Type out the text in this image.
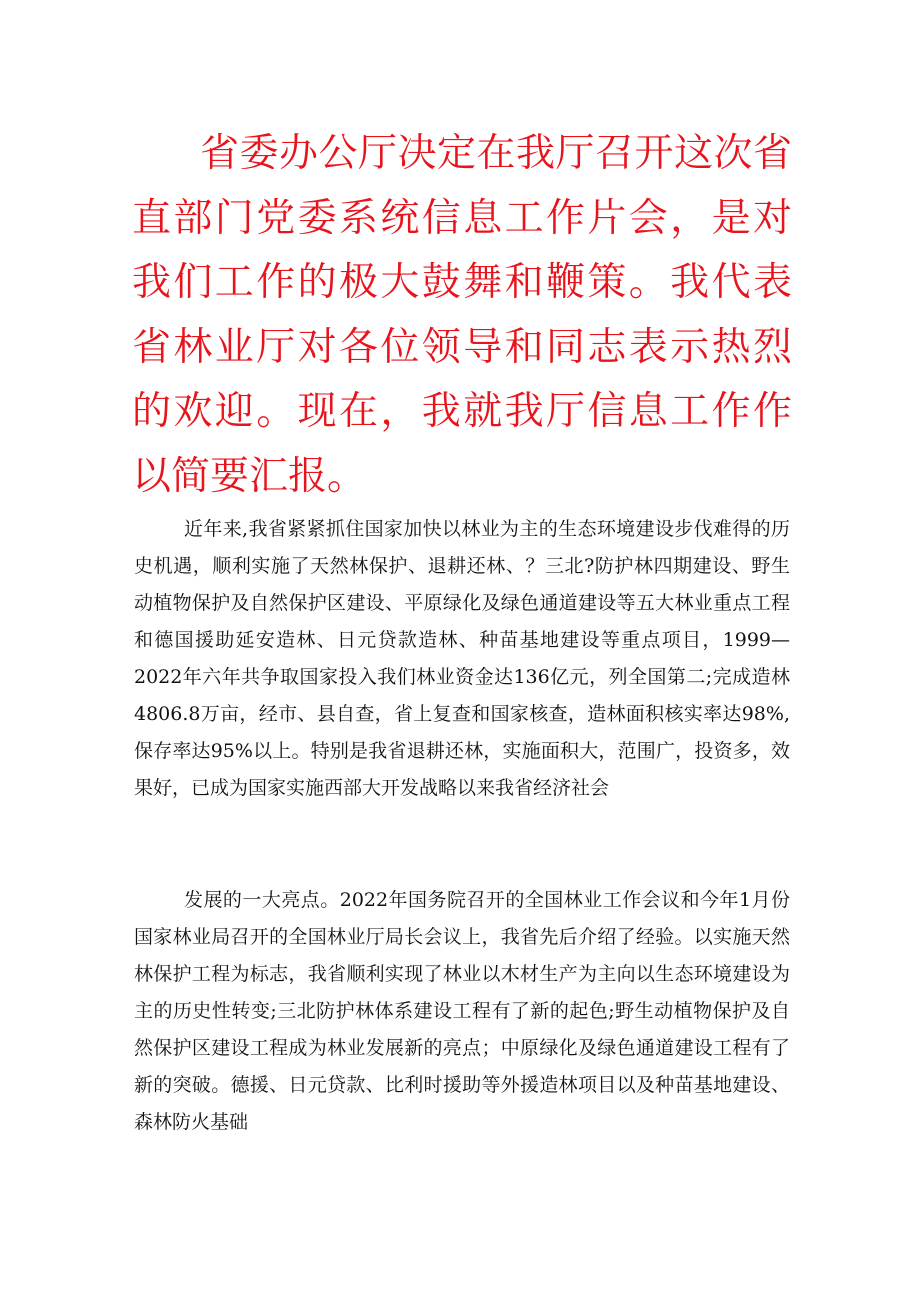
省委办公厅决定在我厅召开这次省直部门党委系统信息工作片会，是对我们工作的极大鼓舞和鞭策。我代表省林业厅对各位领导和同志表示热烈的欢迎。现在，我就我厅信息工作作以简要汇报。

近年来,我省紧紧抓住国家加快以林业为主的生态环境建设步伐难得的历史机遇，顺利实施了天然林保护、退耕还林、？三北?防护林四期建设、野生动植物保护及自然保护区建设、平原绿化及绿色通道建设等五大林业重点工程和德国援助延安造林、日元贷款造林、种苗基地建设等重点项目，1999—2022年六年共争取国家投入我们林业资金达136亿元，列全国第二;完成造林4806.8万亩，经市、县自查，省上复查和国家核查，造林面积核实率达98%,保存率达95%以上。特别是我省退耕还林，实施面积大，范围广，投资多，效果好，已成为国家实施西部大开发战略以来我省经济社会

发展的一大亮点。2022年国务院召开的全国林业工作会议和今年1月份国家林业局召开的全国林业厅局长会议上，我省先后介绍了经验。以实施天然林保护工程为标志，我省顺利实现了林业以木材生产为主向以生态环境建设为主的历史性转变;三北防护林体系建设工程有了新的起色;野生动植物保护及自然保护区建设工程成为林业发展新的亮点；中原绿化及绿色通道建设工程有了新的突破。德援、日元贷款、比利时援助等外援造林项目以及种苗基地建设、森林防火基础
